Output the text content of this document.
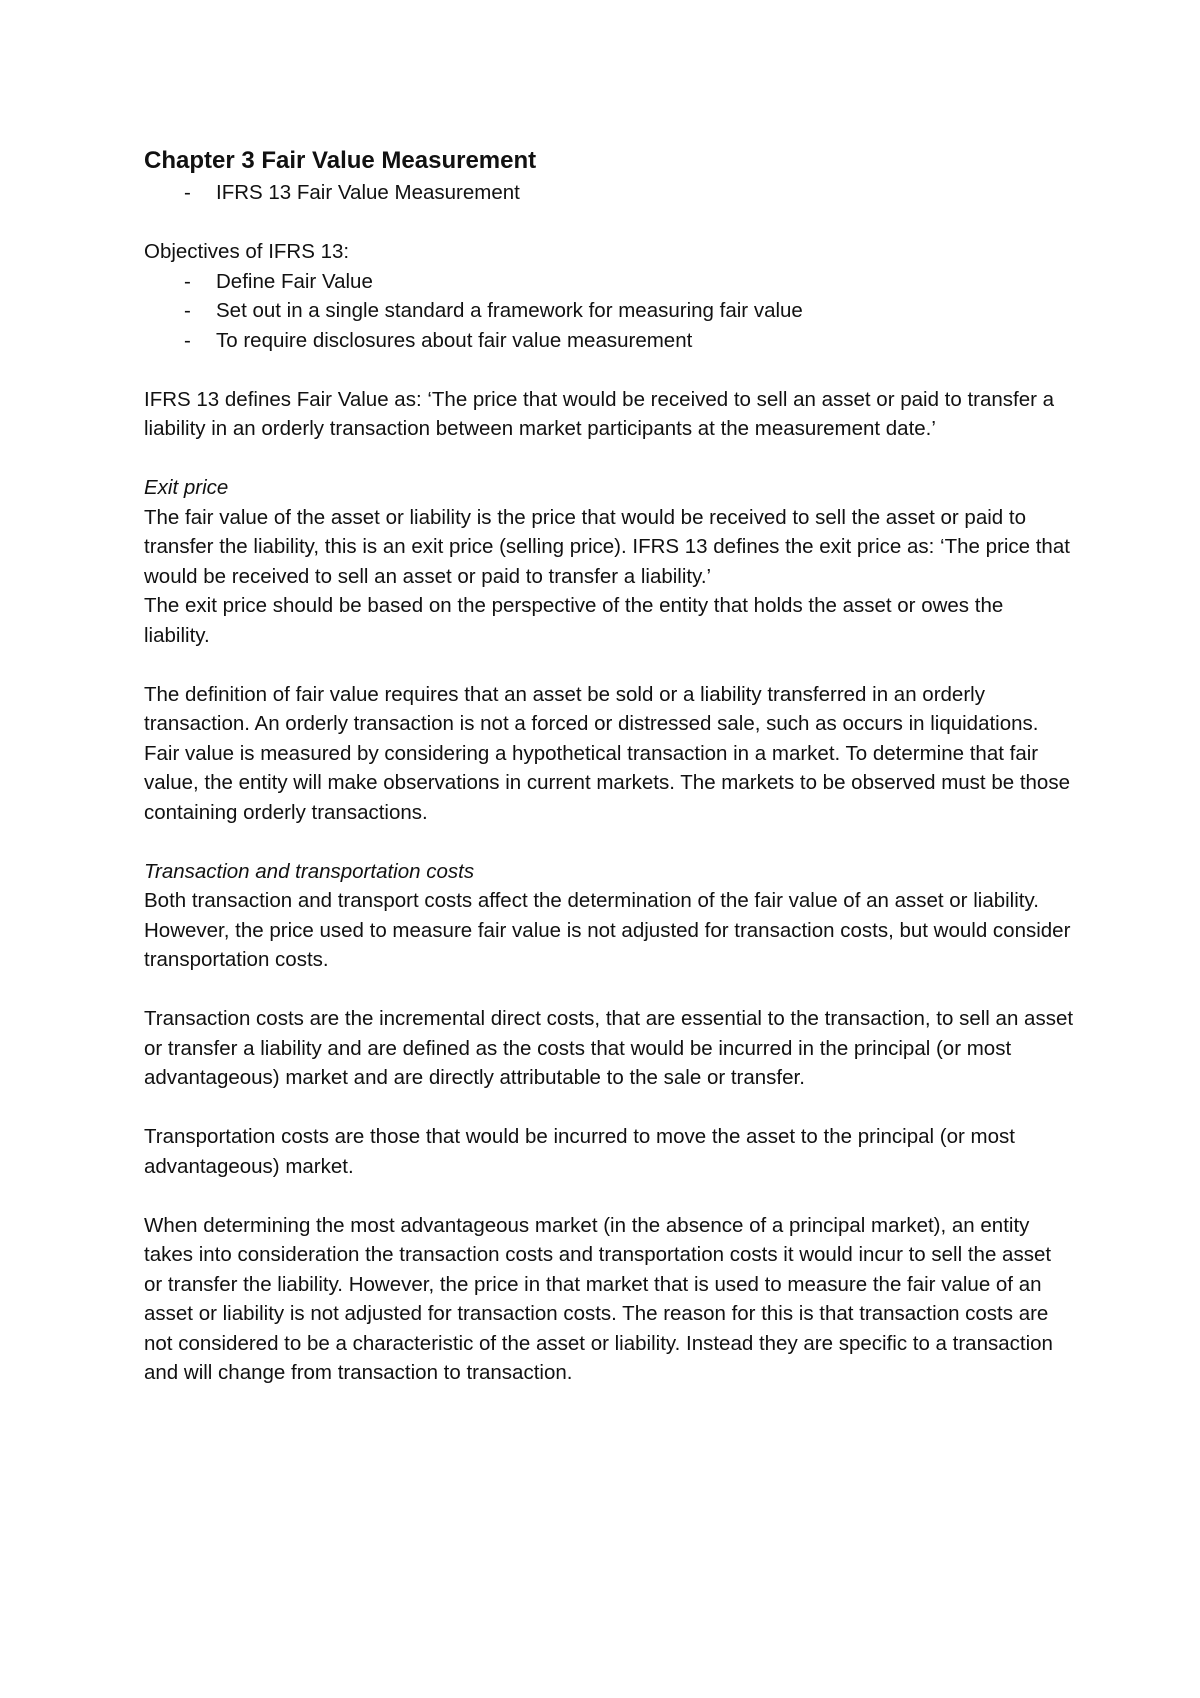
Chapter 3 Fair Value Measurement
- IFRS 13 Fair Value Measurement

Objectives of IFRS 13:

- Define Fair Value
- Set out in a single standard a framework for measuring fair value
- To require disclosures about fair value measurement

IFRS 13 defines Fair Value as: ‘The price that would be received to sell an asset or paid to transfer a liability in an orderly transaction between market participants at the measurement date.’

Exit price

The fair value of the asset or liability is the price that would be received to sell the asset or paid to transfer the liability, this is an exit price (selling price). IFRS 13 defines the exit price as: ‘The price that would be received to sell an asset or paid to transfer a liability.’

The exit price should be based on the perspective of the entity that holds the asset or owes the liability.

The definition of fair value requires that an asset be sold or a liability transferred in an orderly transaction. An orderly transaction is not a forced or distressed sale, such as occurs in liquidations. Fair value is measured by considering a hypothetical transaction in a market. To determine that fair value, the entity will make observations in current markets. The markets to be observed must be those containing orderly transactions.

Transaction and transportation costs

Both transaction and transport costs affect the determination of the fair value of an asset or liability. However, the price used to measure fair value is not adjusted for transaction costs, but would consider transportation costs.

Transaction costs are the incremental direct costs, that are essential to the transaction, to sell an asset or transfer a liability and are defined as the costs that would be incurred in the principal (or most advantageous) market and are directly attributable to the sale or transfer.

Transportation costs are those that would be incurred to move the asset to the principal (or most advantageous) market.

When determining the most advantageous market (in the absence of a principal market), an entity takes into consideration the transaction costs and transportation costs it would incur to sell the asset or transfer the liability. However, the price in that market that is used to measure the fair value of an asset or liability is not adjusted for transaction costs. The reason for this is that transaction costs are not considered to be a characteristic of the asset or liability. Instead they are specific to a transaction and will change from transaction to transaction.
